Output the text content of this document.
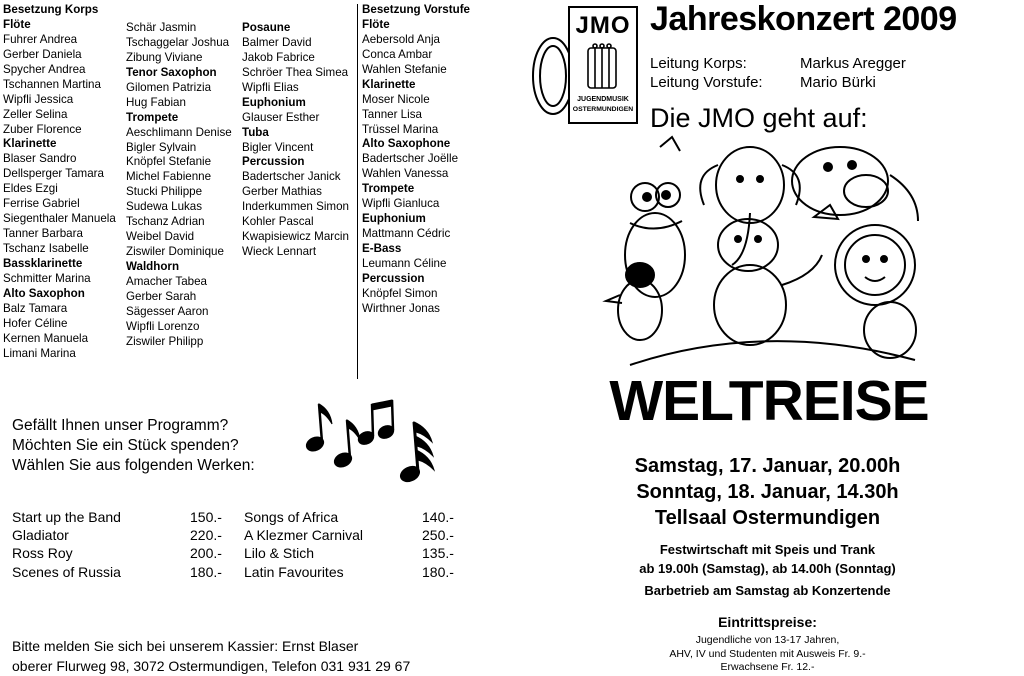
Besetzung Korps
Flöte
Fuhrer Andrea
Gerber Daniela
Spycher Andrea
Tschannen Martina
Wipfli Jessica
Zeller Selina
Zuber Florence
Klarinette
Blaser Sandro
Dellsperger Tamara
Eldes Ezgi
Ferrise Gabriel
Siegenthaler Manuela
Tanner Barbara
Tschanz Isabelle
Bassklarinette
Schmitter Marina
Alto Saxophon
Balz Tamara
Hofer Céline
Kernen Manuela
Limani Marina
Schär Jasmin
Tschaggelar Joshua
Zibung Viviane
Tenor Saxophon
Gilomen Patrizia
Hug Fabian
Trompete
Aeschlimann Denise
Bigler Sylvain
Knöpfel Stefanie
Michel Fabienne
Stucki Philippe
Sudewa Lukas
Tschanz Adrian
Weibel David
Ziswiler Dominique
Waldhorn
Amacher Tabea
Gerber Sarah
Sägesser Aaron
Wipfli Lorenzo
Ziswiler Philipp
Posaune
Balmer David
Jakob Fabrice
Schröer Thea Simea
Wipfli Elias
Euphonium
Glauser Esther
Tuba
Bigler Vincent
Percussion
Badertscher Janick
Gerber Mathias
Inderkummen Simon
Kohler Pascal
Kwapisiewicz Marcin
Wieck Lennart
Besetzung Vorstufe
Flöte
Aebersold Anja
Conca Ambar
Wahlen Stefanie
Klarinette
Moser Nicole
Tanner Lisa
Trüssel Marina
Alto Saxophone
Badertscher Joëlle
Wahlen Vanessa
Trompete
Wipfli Gianluca
Euphonium
Mattmann Cédric
E-Bass
Leumann Céline
Percussion
Knöpfel Simon
Wirthner Jonas
Gefällt Ihnen unser Programm?
Möchten Sie ein Stück spenden?
Wählen Sie aus folgenden Werken:
Start up the Band	150.-
Gladiator	220.-
Ross Roy	200.-
Scenes of Russia	180.-
Songs of Africa	140.-
A Klezmer Carnival	250.-
Lilo & Stich	135.-
Latin Favourites	180.-
Bitte melden Sie sich bei unserem Kassier: Ernst Blaser
oberer Flurweg 98, 3072 Ostermundigen, Telefon 031 931 29 67
JMO
JUGENDMUSIK
OSTERMUNDIGEN
Jahreskonzert 2009
Leitung Korps:	Markus Aregger
Leitung Vorstufe: Mario Bürki
Die JMO geht auf:
WELTREISE
Samstag, 17. Januar, 20.00h
Sonntag, 18. Januar, 14.30h
Tellsaal Ostermundigen
Festwirtschaft mit Speis und Trank
ab 19.00h (Samstag), ab 14.00h (Sonntag)
Barbetrieb am Samstag ab Konzertende
Eintrittspreise:
Jugendliche von 13-17 Jahren,
AHV, IV und Studenten mit Ausweis Fr. 9.-
Erwachsene Fr. 12.-
